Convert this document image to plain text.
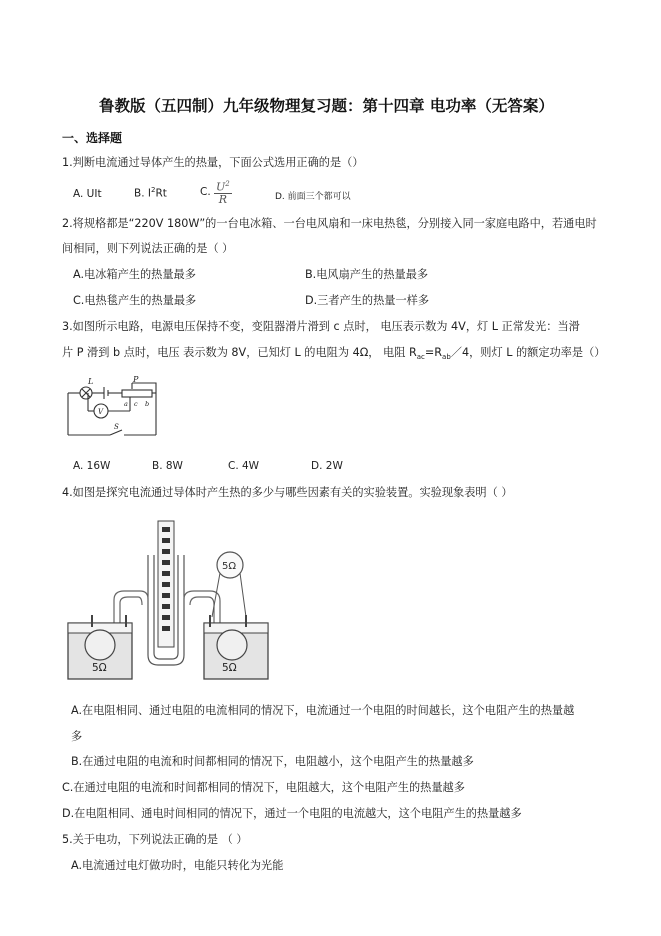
鲁教版（五四制）九年级物理复习题：第十四章 电功率（无答案）
一、选择题
1.判断电流通过导体产生的热量，下面公式选用正确的是（）
A. UIt	B. $I^2Rt$	C. $\frac{U^2}{R}$	D. 前面三个都可以
2.将规格都是“220V 180W”的一台电冰箱、一台电风扇和一床电热毯，分别接入同一家庭电路中，若通电时
间相同，则下列说法正确的是（ ）
A.电冰箱产生的热量最多	B.电风扇产生的热量最多
C.电热毯产生的热量最多	D.三者产生的热量一样多
3.如图所示电路，电源电压保持不变，变阻器滑片滑到 c 点时， 电压表示数为 4V，灯 L 正常发光：当滑
片 P 滑到 b 点时，电压 表示数为 8V，已知灯 L 的电阻为 4Ω， 电阻 $R_{ac}=R_{ab}/4$，则灯 L 的额定功率是（）
L	P
a c b
V
S
A. 16W	B. 8W	C. 4W	D. 2W
4.如图是探究电流通过导体时产生热的多少与哪些因素有关的实验装置。实验现象表明（ ）
5Ω
5Ω	5Ω
A.在电阻相同、通过电阻的电流相同的情况下，电流通过一个电阻的时间越长，这个电阻产生的热量越
多
B.在通过电阻的电流和时间都相同的情况下，电阻越小，这个电阻产生的热量越多
C.在通过电阻的电流和时间都相同的情况下，电阻越大，这个电阻产生的热量越多
D.在电阻相同、通电时间相同的情况下，通过一个电阻的电流越大，这个电阻产生的热量越多
5.关于电功，下列说法正确的是 （ ）
A.电流通过电灯做功时，电能只转化为光能
